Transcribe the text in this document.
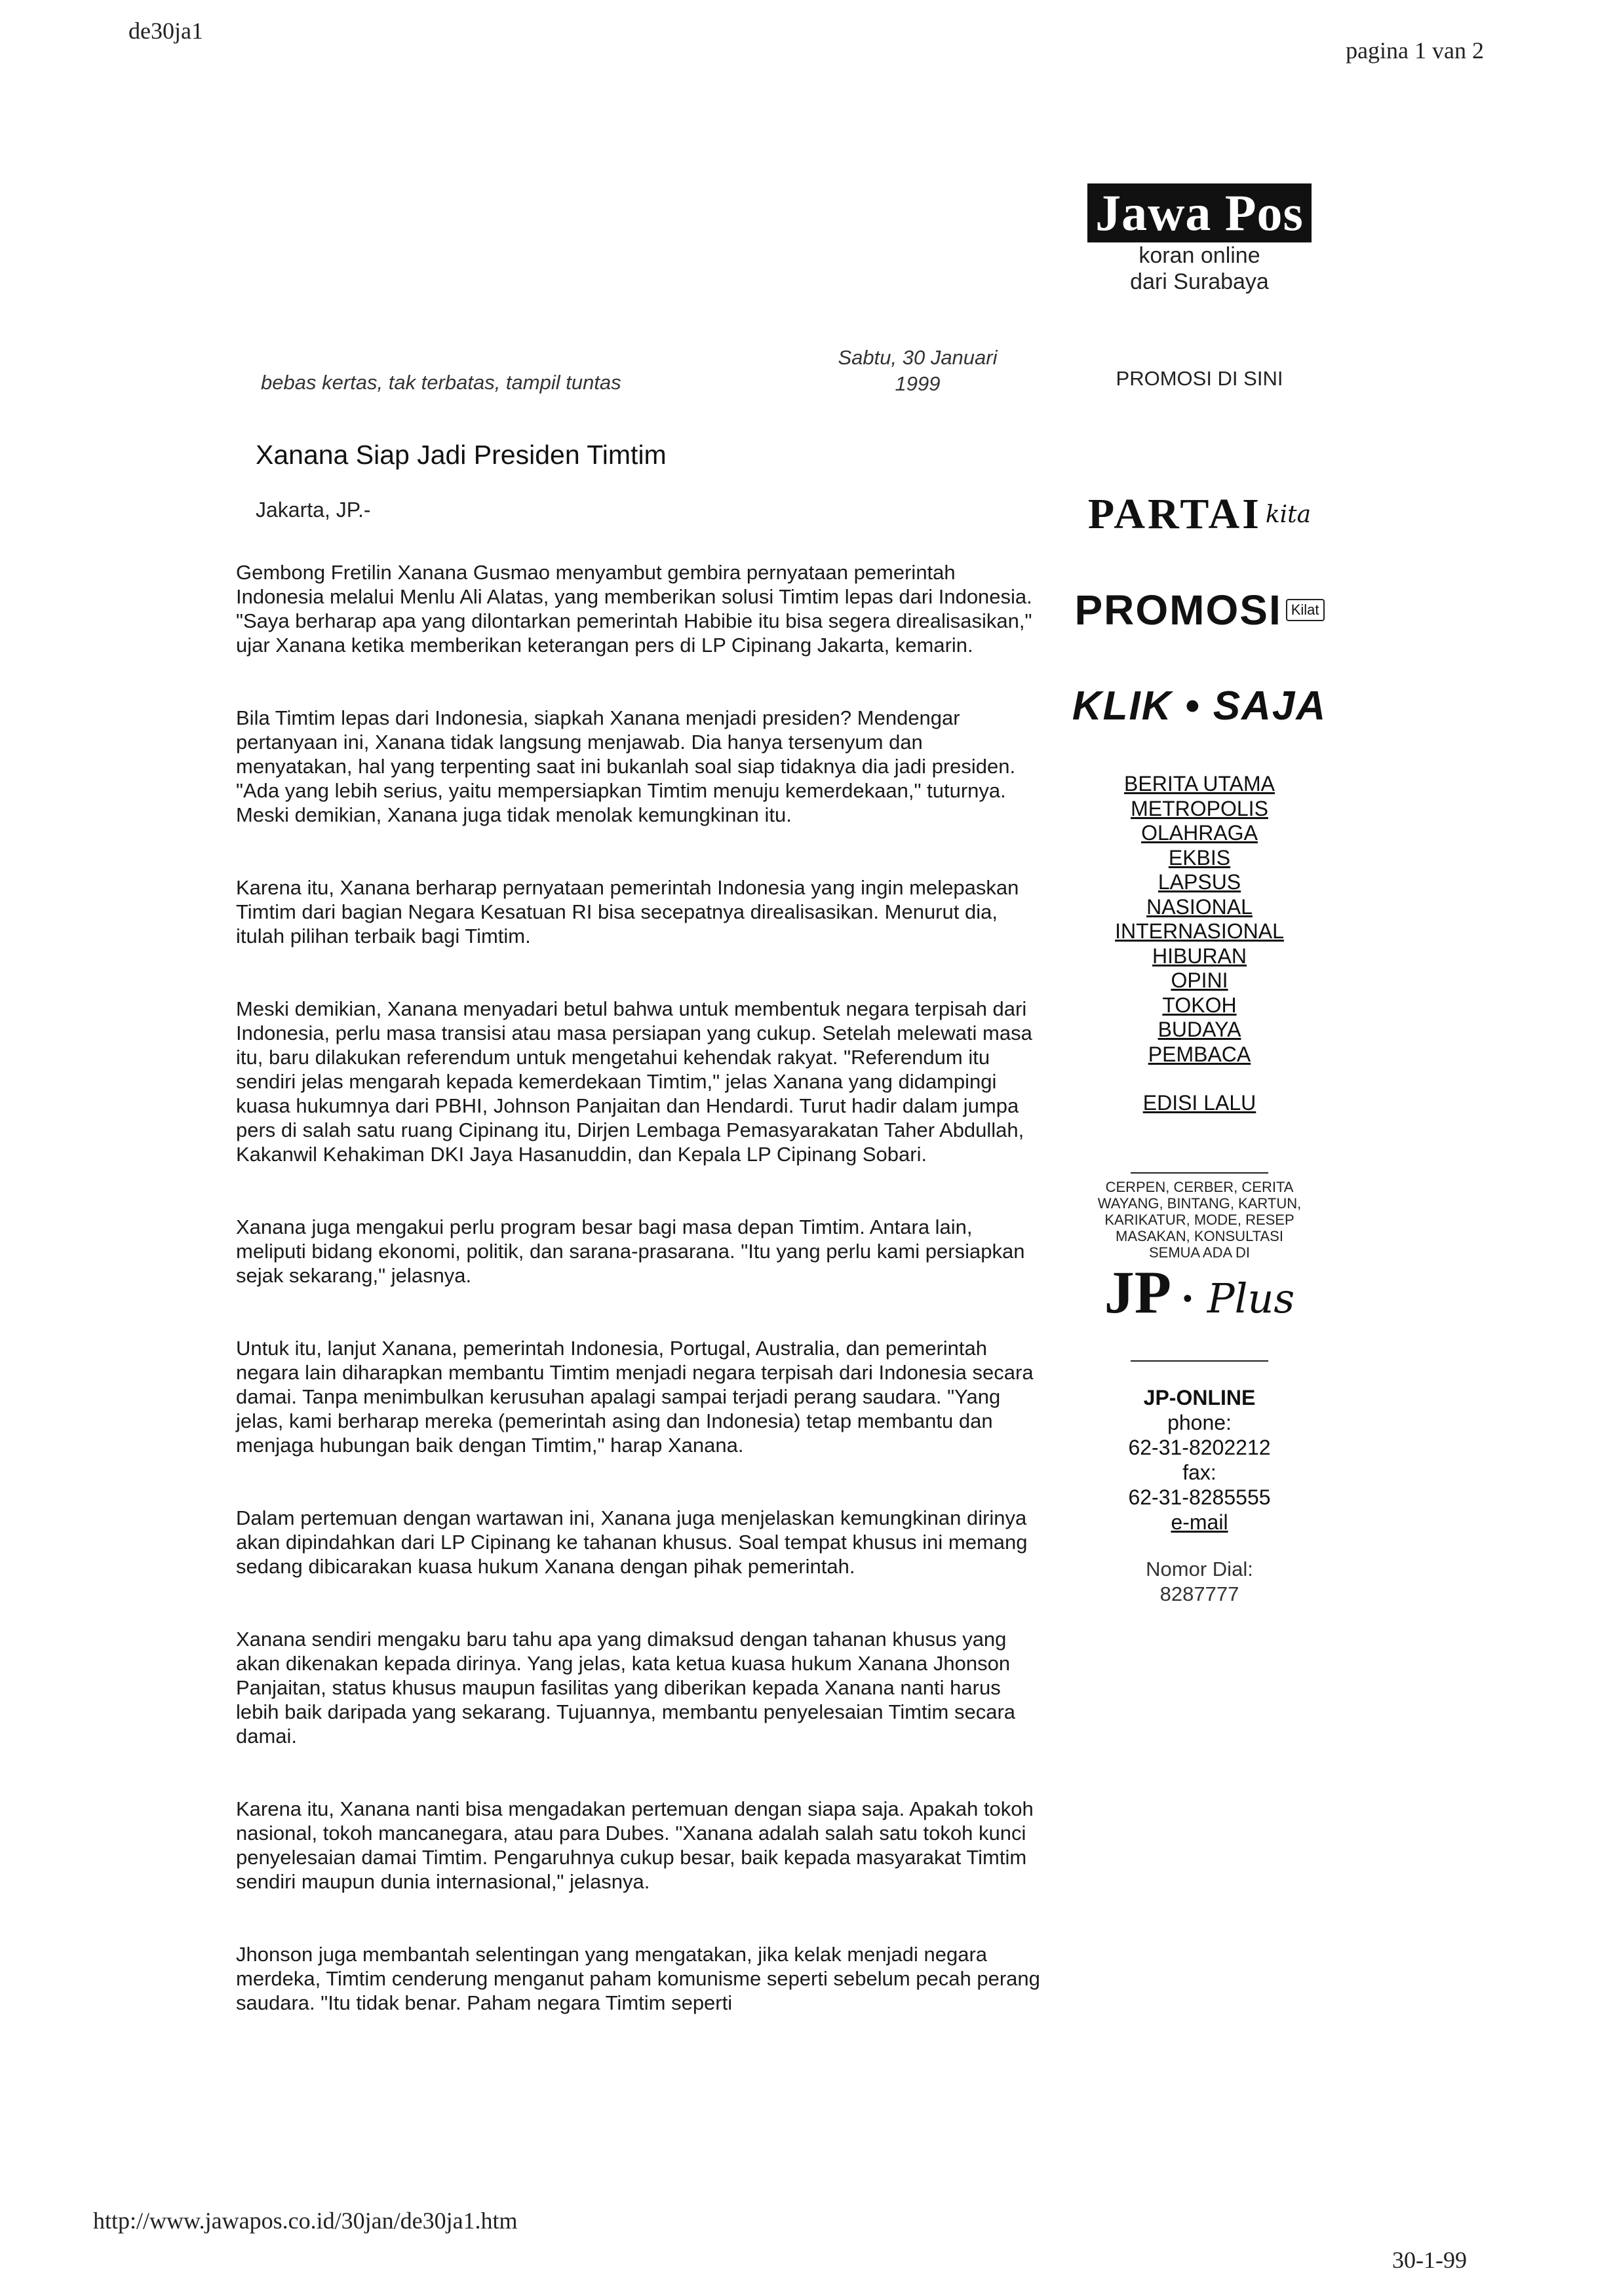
de30ja1
pagina 1 van 2
Jawa Pos
koran online
dari Surabaya
bebas kertas, tak terbatas, tampil tuntas
Sabtu, 30 Januari
1999	PROMOSI DI SINI
Xanana Siap Jadi Presiden Timtim
Jakarta, JP.-

Gembong Fretilin Xanana Gusmao menyambut gembira pernyataan pemerintah Indonesia melalui Menlu Ali Alatas, yang memberikan solusi Timtim lepas dari Indonesia. "Saya berharap apa yang dilontarkan pemerintah Habibie itu bisa segera direalisasikan," ujar Xanana ketika memberikan keterangan pers di LP Cipinang Jakarta, kemarin.

Bila Timtim lepas dari Indonesia, siapkah Xanana menjadi presiden? Mendengar pertanyaan ini, Xanana tidak langsung menjawab. Dia hanya tersenyum dan menyatakan, hal yang terpenting saat ini bukanlah soal siap tidaknya dia jadi presiden. "Ada yang lebih serius, yaitu mempersiapkan Timtim menuju kemerdekaan," tuturnya. Meski demikian, Xanana juga tidak menolak kemungkinan itu.

Karena itu, Xanana berharap pernyataan pemerintah Indonesia yang ingin melepaskan Timtim dari bagian Negara Kesatuan RI bisa secepatnya direalisasikan. Menurut dia, itulah pilihan terbaik bagi Timtim.

Meski demikian, Xanana menyadari betul bahwa untuk membentuk negara terpisah dari Indonesia, perlu masa transisi atau masa persiapan yang cukup. Setelah melewati masa itu, baru dilakukan referendum untuk mengetahui kehendak rakyat. "Referendum itu sendiri jelas mengarah kepada kemerdekaan Timtim," jelas Xanana yang didampingi kuasa hukumnya dari PBHI, Johnson Panjaitan dan Hendardi. Turut hadir dalam jumpa pers di salah satu ruang Cipinang itu, Dirjen Lembaga Pemasyarakatan Taher Abdullah, Kakanwil Kehakiman DKI Jaya Hasanuddin, dan Kepala LP Cipinang Sobari.

Xanana juga mengakui perlu program besar bagi masa depan Timtim. Antara lain, meliputi bidang ekonomi, politik, dan sarana-prasarana. "Itu yang perlu kami persiapkan sejak sekarang," jelasnya.

Untuk itu, lanjut Xanana, pemerintah Indonesia, Portugal, Australia, dan pemerintah negara lain diharapkan membantu Timtim menjadi negara terpisah dari Indonesia secara damai. Tanpa menimbulkan kerusuhan apalagi sampai terjadi perang saudara. "Yang jelas, kami berharap mereka (pemerintah asing dan Indonesia) tetap membantu dan menjaga hubungan baik dengan Timtim," harap Xanana.

Dalam pertemuan dengan wartawan ini, Xanana juga menjelaskan kemungkinan dirinya akan dipindahkan dari LP Cipinang ke tahanan khusus. Soal tempat khusus ini memang sedang dibicarakan kuasa hukum Xanana dengan pihak pemerintah.

Xanana sendiri mengaku baru tahu apa yang dimaksud dengan tahanan khusus yang akan dikenakan kepada dirinya. Yang jelas, kata ketua kuasa hukum Xanana Jhonson Panjaitan, status khusus maupun fasilitas yang diberikan kepada Xanana nanti harus lebih baik daripada yang sekarang. Tujuannya, membantu penyelesaian Timtim secara damai.

Karena itu, Xanana nanti bisa mengadakan pertemuan dengan siapa saja. Apakah tokoh nasional, tokoh mancanegara, atau para Dubes. "Xanana adalah salah satu tokoh kunci penyelesaian damai Timtim. Pengaruhnya cukup besar, baik kepada masyarakat Timtim sendiri maupun dunia internasional," jelasnya.

Jhonson juga membantah selentingan yang mengatakan, jika kelak menjadi negara merdeka, Timtim cenderung menganut paham komunisme seperti sebelum pecah perang saudara. "Itu tidak benar. Paham negara Timtim seperti

PARTAI kita
PROMOSI Kilat
KLIK • SAJA
BERITA UTAMA
METROPOLIS
OLAHRAGA
EKBIS
LAPSUS
NASIONAL
INTERNASIONAL
HIBURAN
OPINI
TOKOH
BUDAYA
PEMBACA
EDISI LALU
CERPEN, CERBER, CERITA WAYANG, BINTANG, KARTUN, KARIKATUR, MODE, RESEP MASAKAN, KONSULTASI SEMUA ADA DI
JP • Plus
JP-ONLINE
phone:
62-31-8202212
fax:
62-31-8285555
e-mail
Nomor Dial:
8287777
http://www.jawapos.co.id/30jan/de30ja1.htm
30-1-99
